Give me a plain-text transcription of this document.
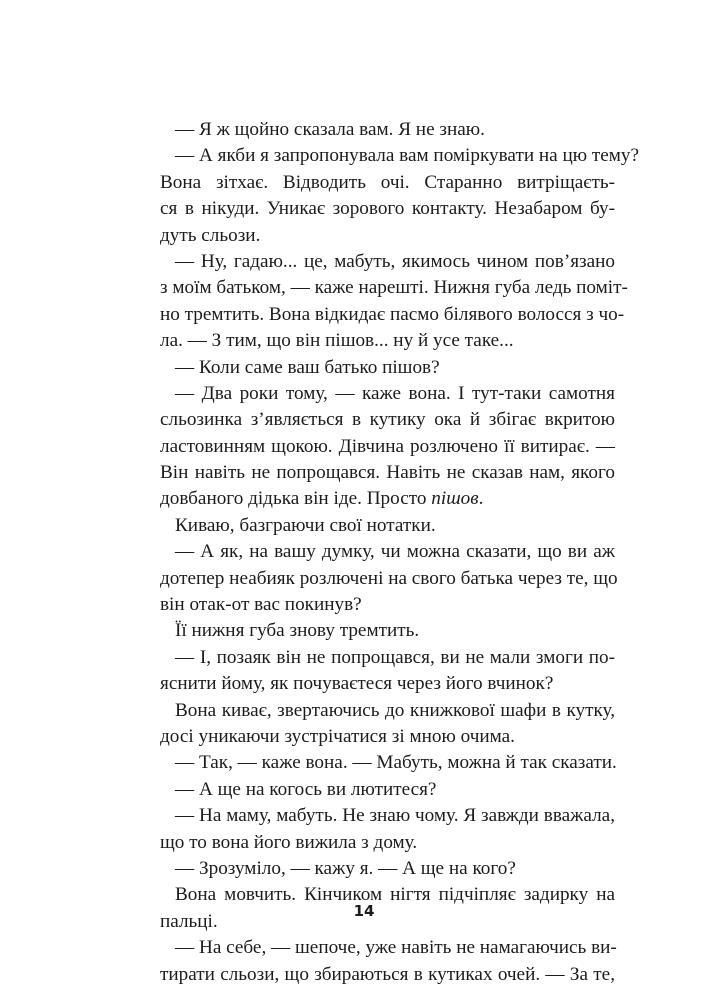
— Я ж щойно сказала вам. Я не знаю.
— А якби я запропонувала вам поміркувати на цю тему?
Вона зітхає. Відводить очі. Старанно витріщаєть-
ся в нікуди. Уникає зорового контакту. Незабаром бу-
дуть сльози.
— Ну, гадаю... це, мабуть, якимось чином пов’язано
з моїм батьком, — каже нарешті. Нижня губа ледь поміт-
но тремтить. Вона відкидає пасмо білявого волосся з чо-
ла. — З тим, що він пішов... ну й усе таке...
— Коли саме ваш батько пішов?
— Два роки тому, — каже вона. І тут-таки самотня
сльозинка з’являється в кутику ока й збігає вкритою
ластовинням щокою. Дівчина розлючено її витирає. —
Він навіть не попрощався. Навіть не сказав нам, якого
довбаного дідька він іде. Просто пішов.
Киваю, базграючи свої нотатки.
— А як, на вашу думку, чи можна сказати, що ви аж
дотепер неабияк розлючені на свого батька через те, що
він отак-от вас покинув?
Її нижня губа знову тремтить.
— І, позаяк він не попрощався, ви не мали змоги по-
яснити йому, як почуваєтеся через його вчинок?
Вона киває, звертаючись до книжкової шафи в кутку,
досі уникаючи зустрічатися зі мною очима.
— Так, — каже вона. — Мабуть, можна й так сказати.
— А ще на когось ви лютитеся?
— На маму, мабуть. Не знаю чому. Я завжди вважала,
що то вона його вижила з дому.
— Зрозуміло, — кажу я. — А ще на кого?
Вона мовчить. Кінчиком нігтя підчіпляє задирку на
пальці.
— На себе, — шепоче, уже навіть не намагаючись ви-
тирати сльози, що збираються в кутиках очей. — За те,
14
